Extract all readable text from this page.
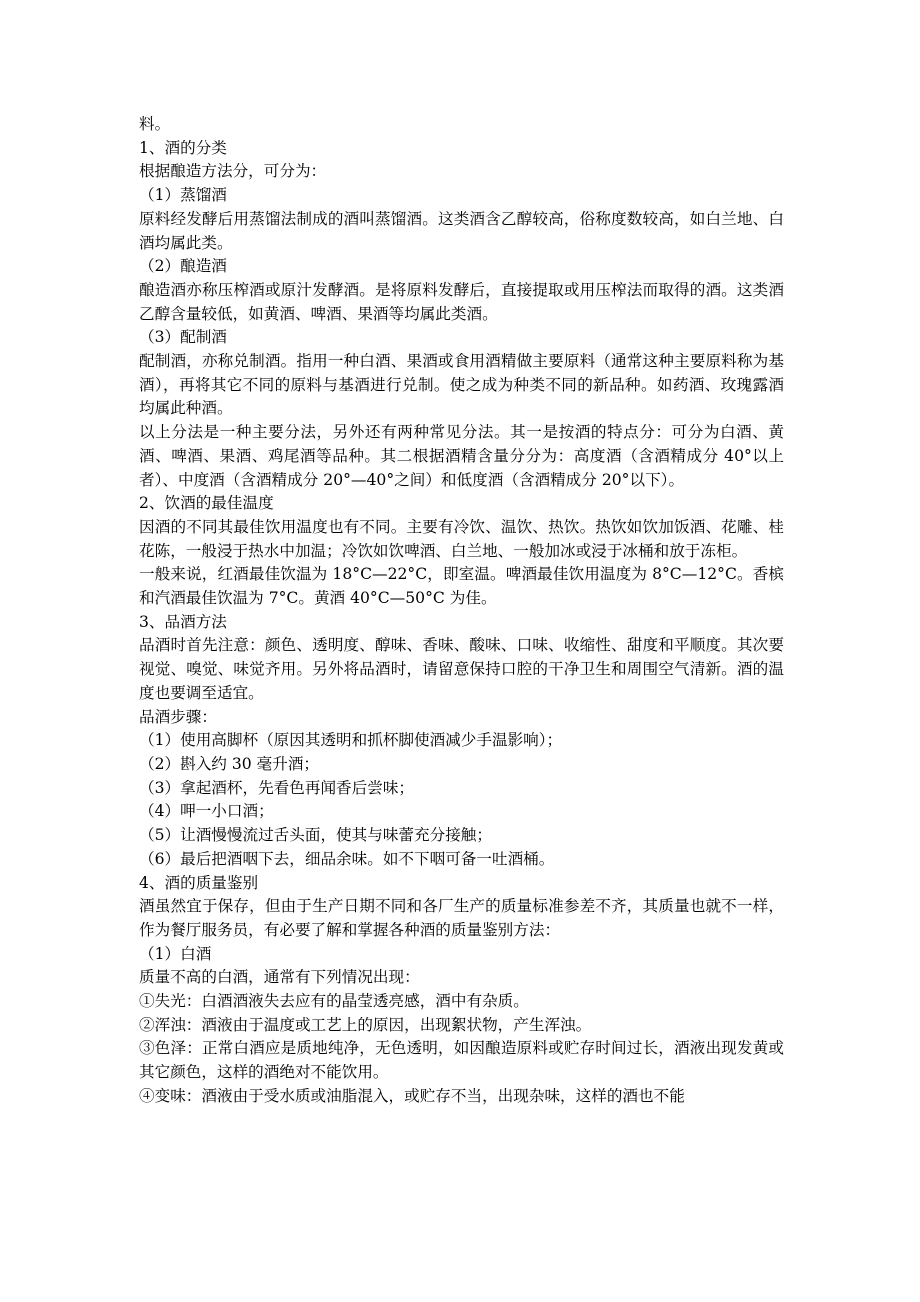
料。

1、酒的分类

根据酿造方法分，可分为：

（1）蒸馏酒

原料经发酵后用蒸馏法制成的酒叫蒸馏酒。这类酒含乙醇较高，俗称度数较高，如白兰地、白酒均属此类。

（2）酿造酒

酿造酒亦称压榨酒或原汁发酵酒。是将原料发酵后，直接提取或用压榨法而取得的酒。这类酒乙醇含量较低，如黄酒、啤酒、果酒等均属此类酒。

（3）配制酒

配制酒，亦称兑制酒。指用一种白酒、果酒或食用酒精做主要原料（通常这种主要原料称为基酒），再将其它不同的原料与基酒进行兑制。使之成为种类不同的新品种。如药酒、玫瑰露酒均属此种酒。

以上分法是一种主要分法，另外还有两种常见分法。其一是按酒的特点分：可分为白酒、黄酒、啤酒、果酒、鸡尾酒等品种。其二根据酒精含量分分为：高度酒（含酒精成分 40°以上者）、中度酒（含酒精成分 20°—40°之间）和低度酒（含酒精成分 20°以下）。

2、饮酒的最佳温度

因酒的不同其最佳饮用温度也有不同。主要有冷饮、温饮、热饮。热饮如饮加饭酒、花雕、桂花陈，一般浸于热水中加温；冷饮如饮啤酒、白兰地、一般加冰或浸于冰桶和放于冻柜。

一般来说，红酒最佳饮温为 18°C—22°C，即室温。啤酒最佳饮用温度为 8°C—12°C。香槟和汽酒最佳饮温为 7°C。黄酒 40°C—50°C 为佳。

3、品酒方法

品酒时首先注意：颜色、透明度、醇味、香味、酸味、口味、收缩性、甜度和平顺度。其次要视觉、嗅觉、味觉齐用。另外将品酒时，请留意保持口腔的干净卫生和周围空气清新。酒的温度也要调至适宜。

品酒步骤：

（1）使用高脚杯（原因其透明和抓杯脚使酒减少手温影响）；

（2）斟入约 30 毫升酒；

（3）拿起酒杯，先看色再闻香后尝味；

（4）呷一小口酒；

（5）让酒慢慢流过舌头面，使其与味蕾充分接触；

（6）最后把酒咽下去，细品余味。如不下咽可备一吐酒桶。

4、酒的质量鉴别

酒虽然宜于保存，但由于生产日期不同和各厂生产的质量标准参差不齐，其质量也就不一样，作为餐厅服务员，有必要了解和掌握各种酒的质量鉴别方法：

（1）白酒

质量不高的白酒，通常有下列情况出现：

①失光：白酒酒液失去应有的晶莹透亮感，酒中有杂质。

②浑浊：酒液由于温度或工艺上的原因，出现絮状物，产生浑浊。

③色泽：正常白酒应是质地纯净，无色透明，如因酿造原料或贮存时间过长，酒液出现发黄或其它颜色，这样的酒绝对不能饮用。

④变味：酒液由于受水质或油脂混入，或贮存不当，出现杂味，这样的酒也不能
